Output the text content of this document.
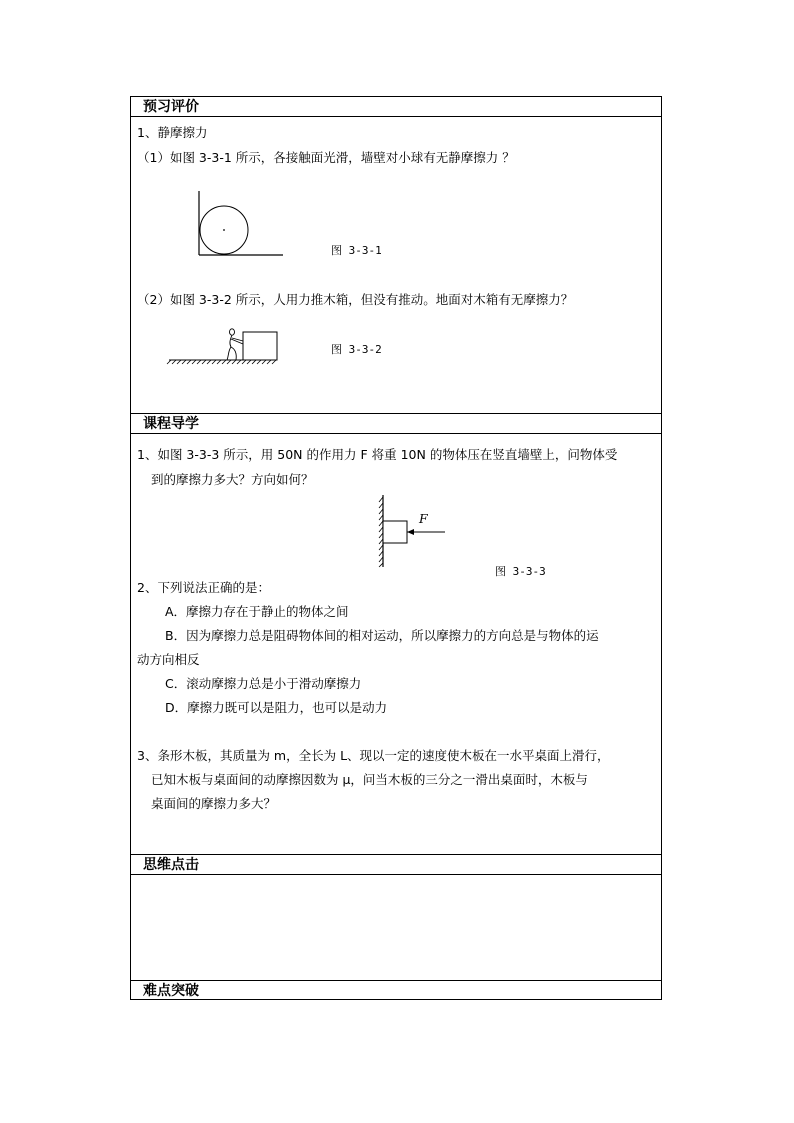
预习评价
1、静摩擦力
（1）如图 3-3-1 所示，各接触面光滑，墙壁对小球有无静摩擦力 ？
图 3-3-1
（2）如图 3-3-2 所示，人用力推木箱，但没有推动。地面对木箱有无摩擦力？
图 3-3-2
课程导学
1、如图 3-3-3 所示，用 50N 的作用力 F 将重 10N 的物体压在竖直墙壁上，问物体受
到的摩擦力多大？方向如何？
F
图 3-3-3
2、下列说法正确的是：
A．摩擦力存在于静止的物体之间
B．因为摩擦力总是阻碍物体间的相对运动，所以摩擦力的方向总是与物体的运
动方向相反
C．滚动摩擦力总是小于滑动摩擦力
D．摩擦力既可以是阻力，也可以是动力
3、条形木板，其质量为 m，全长为 L、现以一定的速度使木板在一水平桌面上滑行，
已知木板与桌面间的动摩擦因数为 μ，问当木板的三分之一滑出桌面时，木板与
桌面间的摩擦力多大？
思维点击
难点突破
